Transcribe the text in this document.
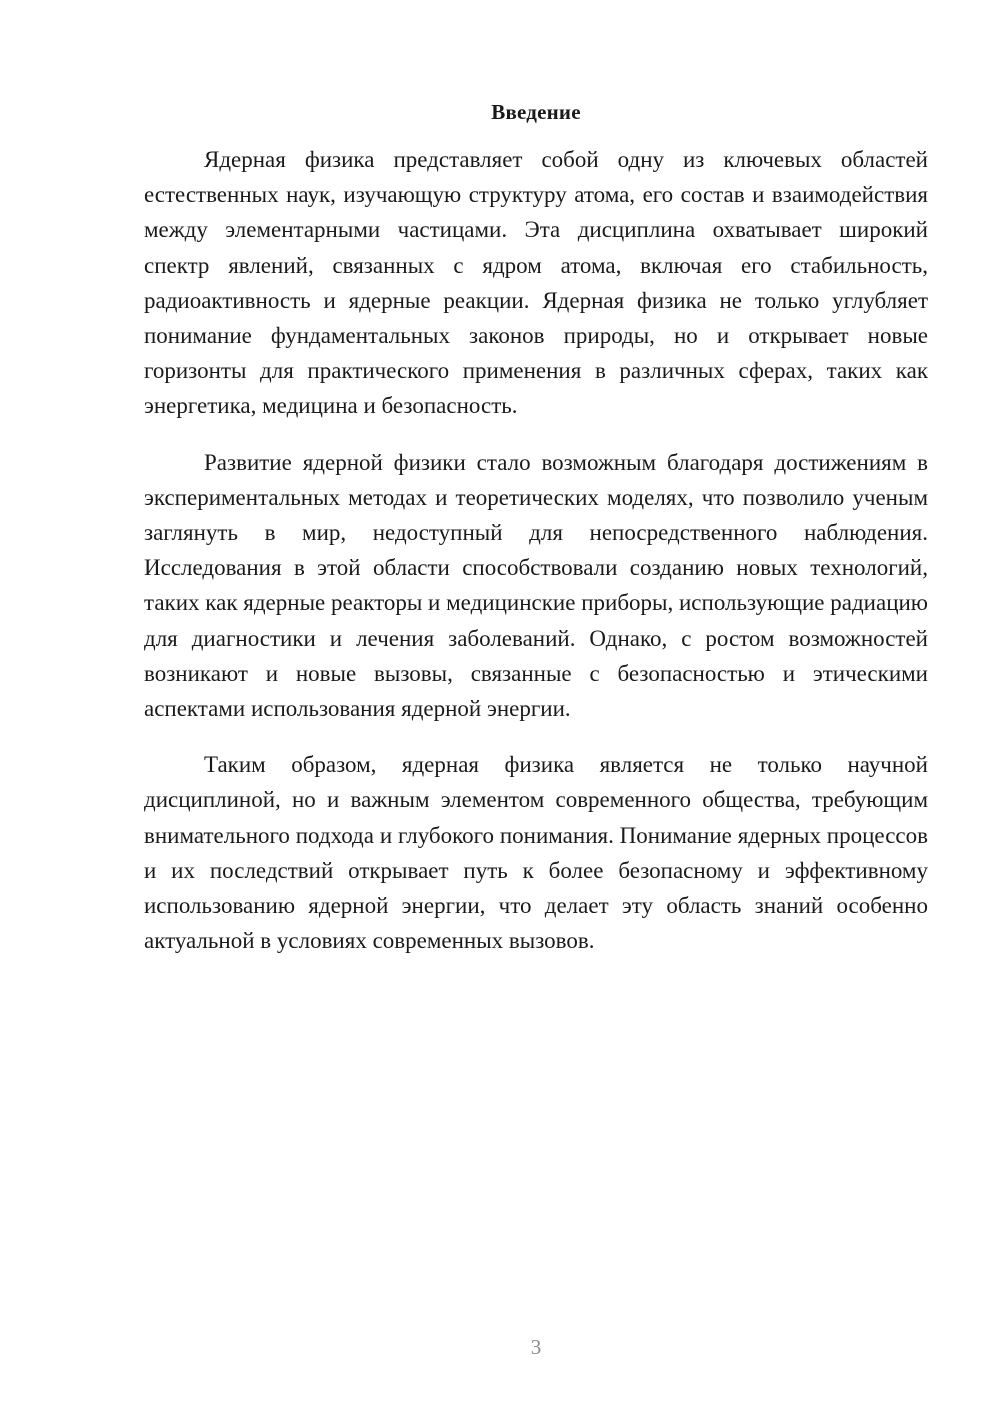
Введение

Ядерная физика представляет собой одну из ключевых областей естественных наук, изучающую структуру атома, его состав и взаимодействия между элементарными частицами. Эта дисциплина охватывает широкий спектр явлений, связанных с ядром атома, включая его стабильность, радиоактивность и ядерные реакции. Ядерная физика не только углубляет понимание фундаментальных законов природы, но и открывает новые горизонты для практического применения в различных сферах, таких как энергетика, медицина и безопасность.

Развитие ядерной физики стало возможным благодаря достижениям в экспериментальных методах и теоретических моделях, что позволило ученым заглянуть в мир, недоступный для непосредственного наблюдения. Исследования в этой области способствовали созданию новых технологий, таких как ядерные реакторы и медицинские приборы, использующие радиацию для диагностики и лечения заболеваний. Однако, с ростом возможностей возникают и новые вызовы, связанные с безопасностью и этическими аспектами использования ядерной энергии.

Таким образом, ядерная физика является не только научной дисциплиной, но и важным элементом современного общества, требующим внимательного подхода и глубокого понимания. Понимание ядерных процессов и их последствий открывает путь к более безопасному и эффективному использованию ядерной энергии, что делает эту область знаний особенно актуальной в условиях современных вызовов.

3
